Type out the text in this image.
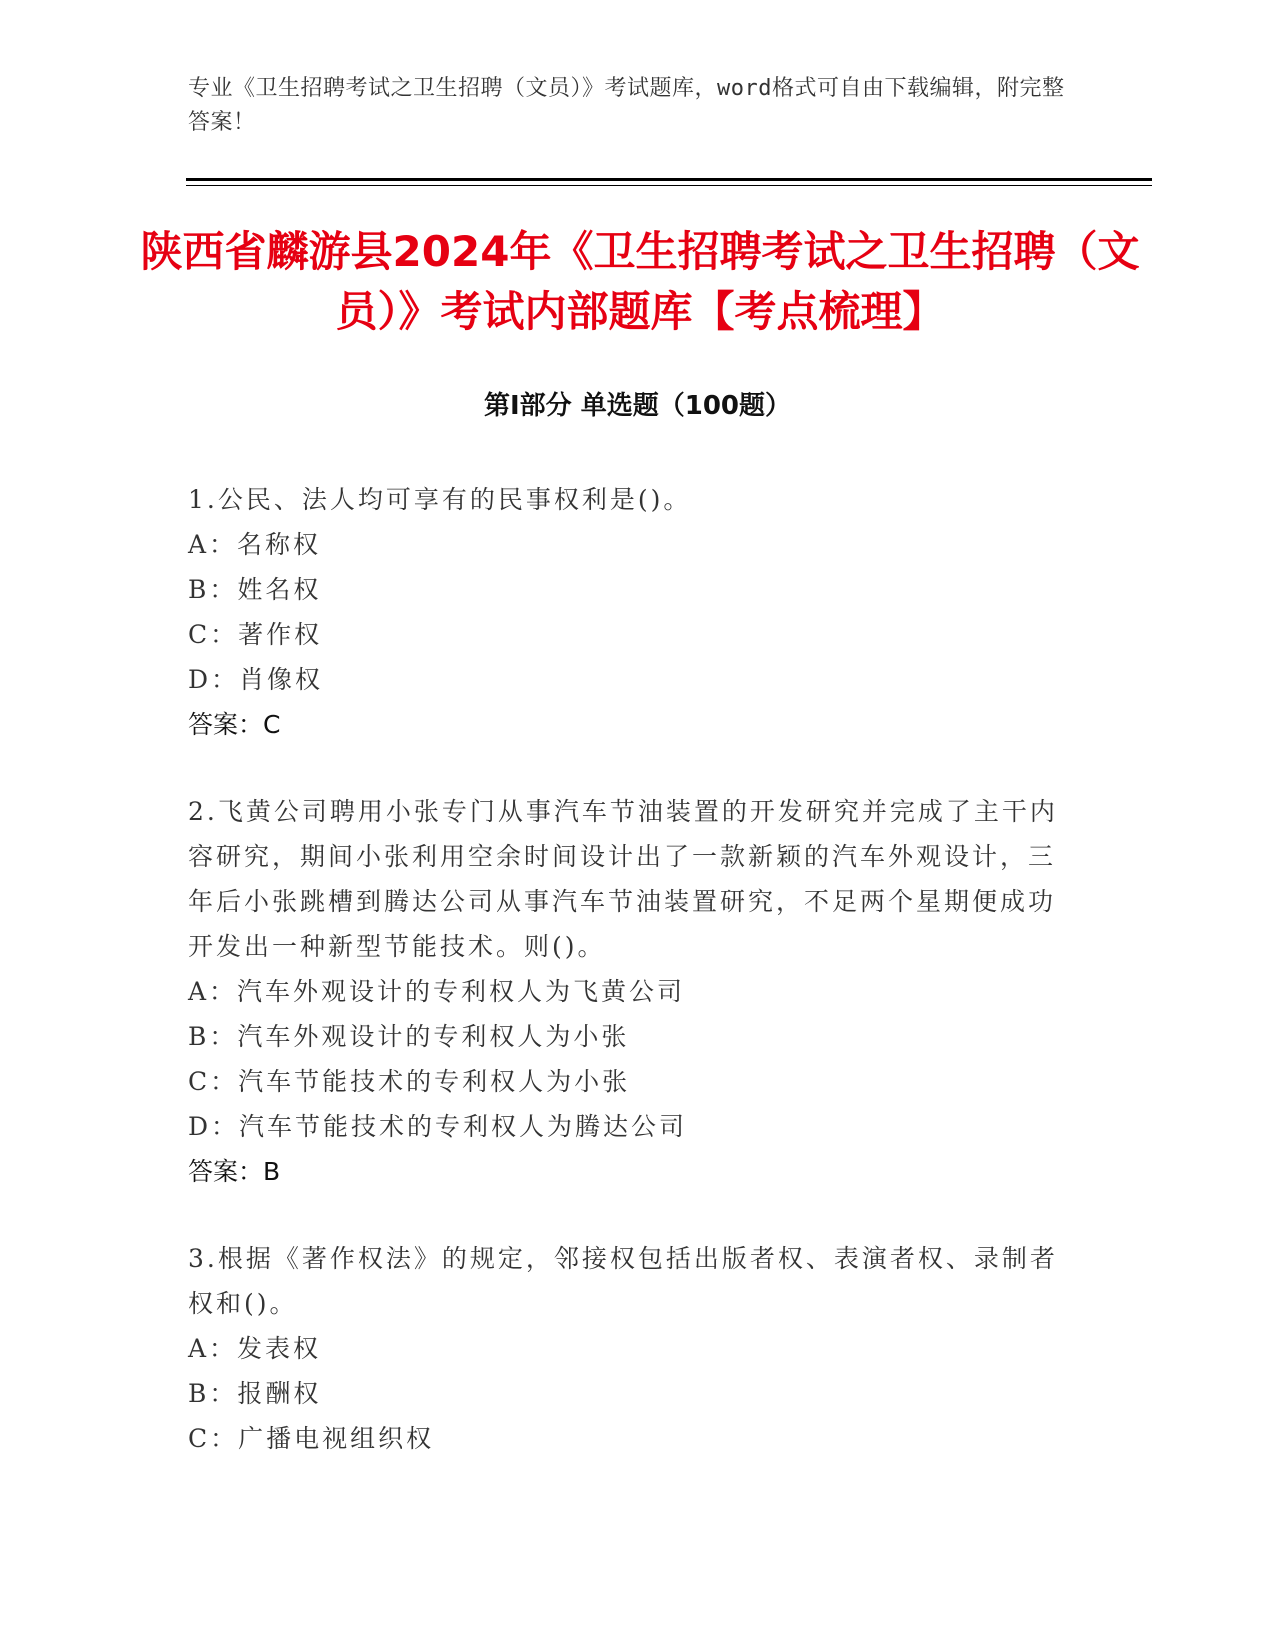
专业《卫生招聘考试之卫生招聘（文员）》考试题库，word格式可自由下载编辑，附完整答案！
陕西省麟游县2024年《卫生招聘考试之卫生招聘（文员）》考试内部题库【考点梳理】
第I部分 单选题（100题）
1.公民、法人均可享有的民事权利是()。
A：名称权
B：姓名权
C：著作权
D：肖像权
答案：C
2.飞黄公司聘用小张专门从事汽车节油装置的开发研究并完成了主干内容研究，期间小张利用空余时间设计出了一款新颖的汽车外观设计，三年后小张跳槽到腾达公司从事汽车节油装置研究，不足两个星期便成功开发出一种新型节能技术。则()。
A：汽车外观设计的专利权人为飞黄公司
B：汽车外观设计的专利权人为小张
C：汽车节能技术的专利权人为小张
D：汽车节能技术的专利权人为腾达公司
答案：B
3.根据《著作权法》的规定，邻接权包括出版者权、表演者权、录制者权和()。
A：发表权
B：报酬权
C：广播电视组织权
